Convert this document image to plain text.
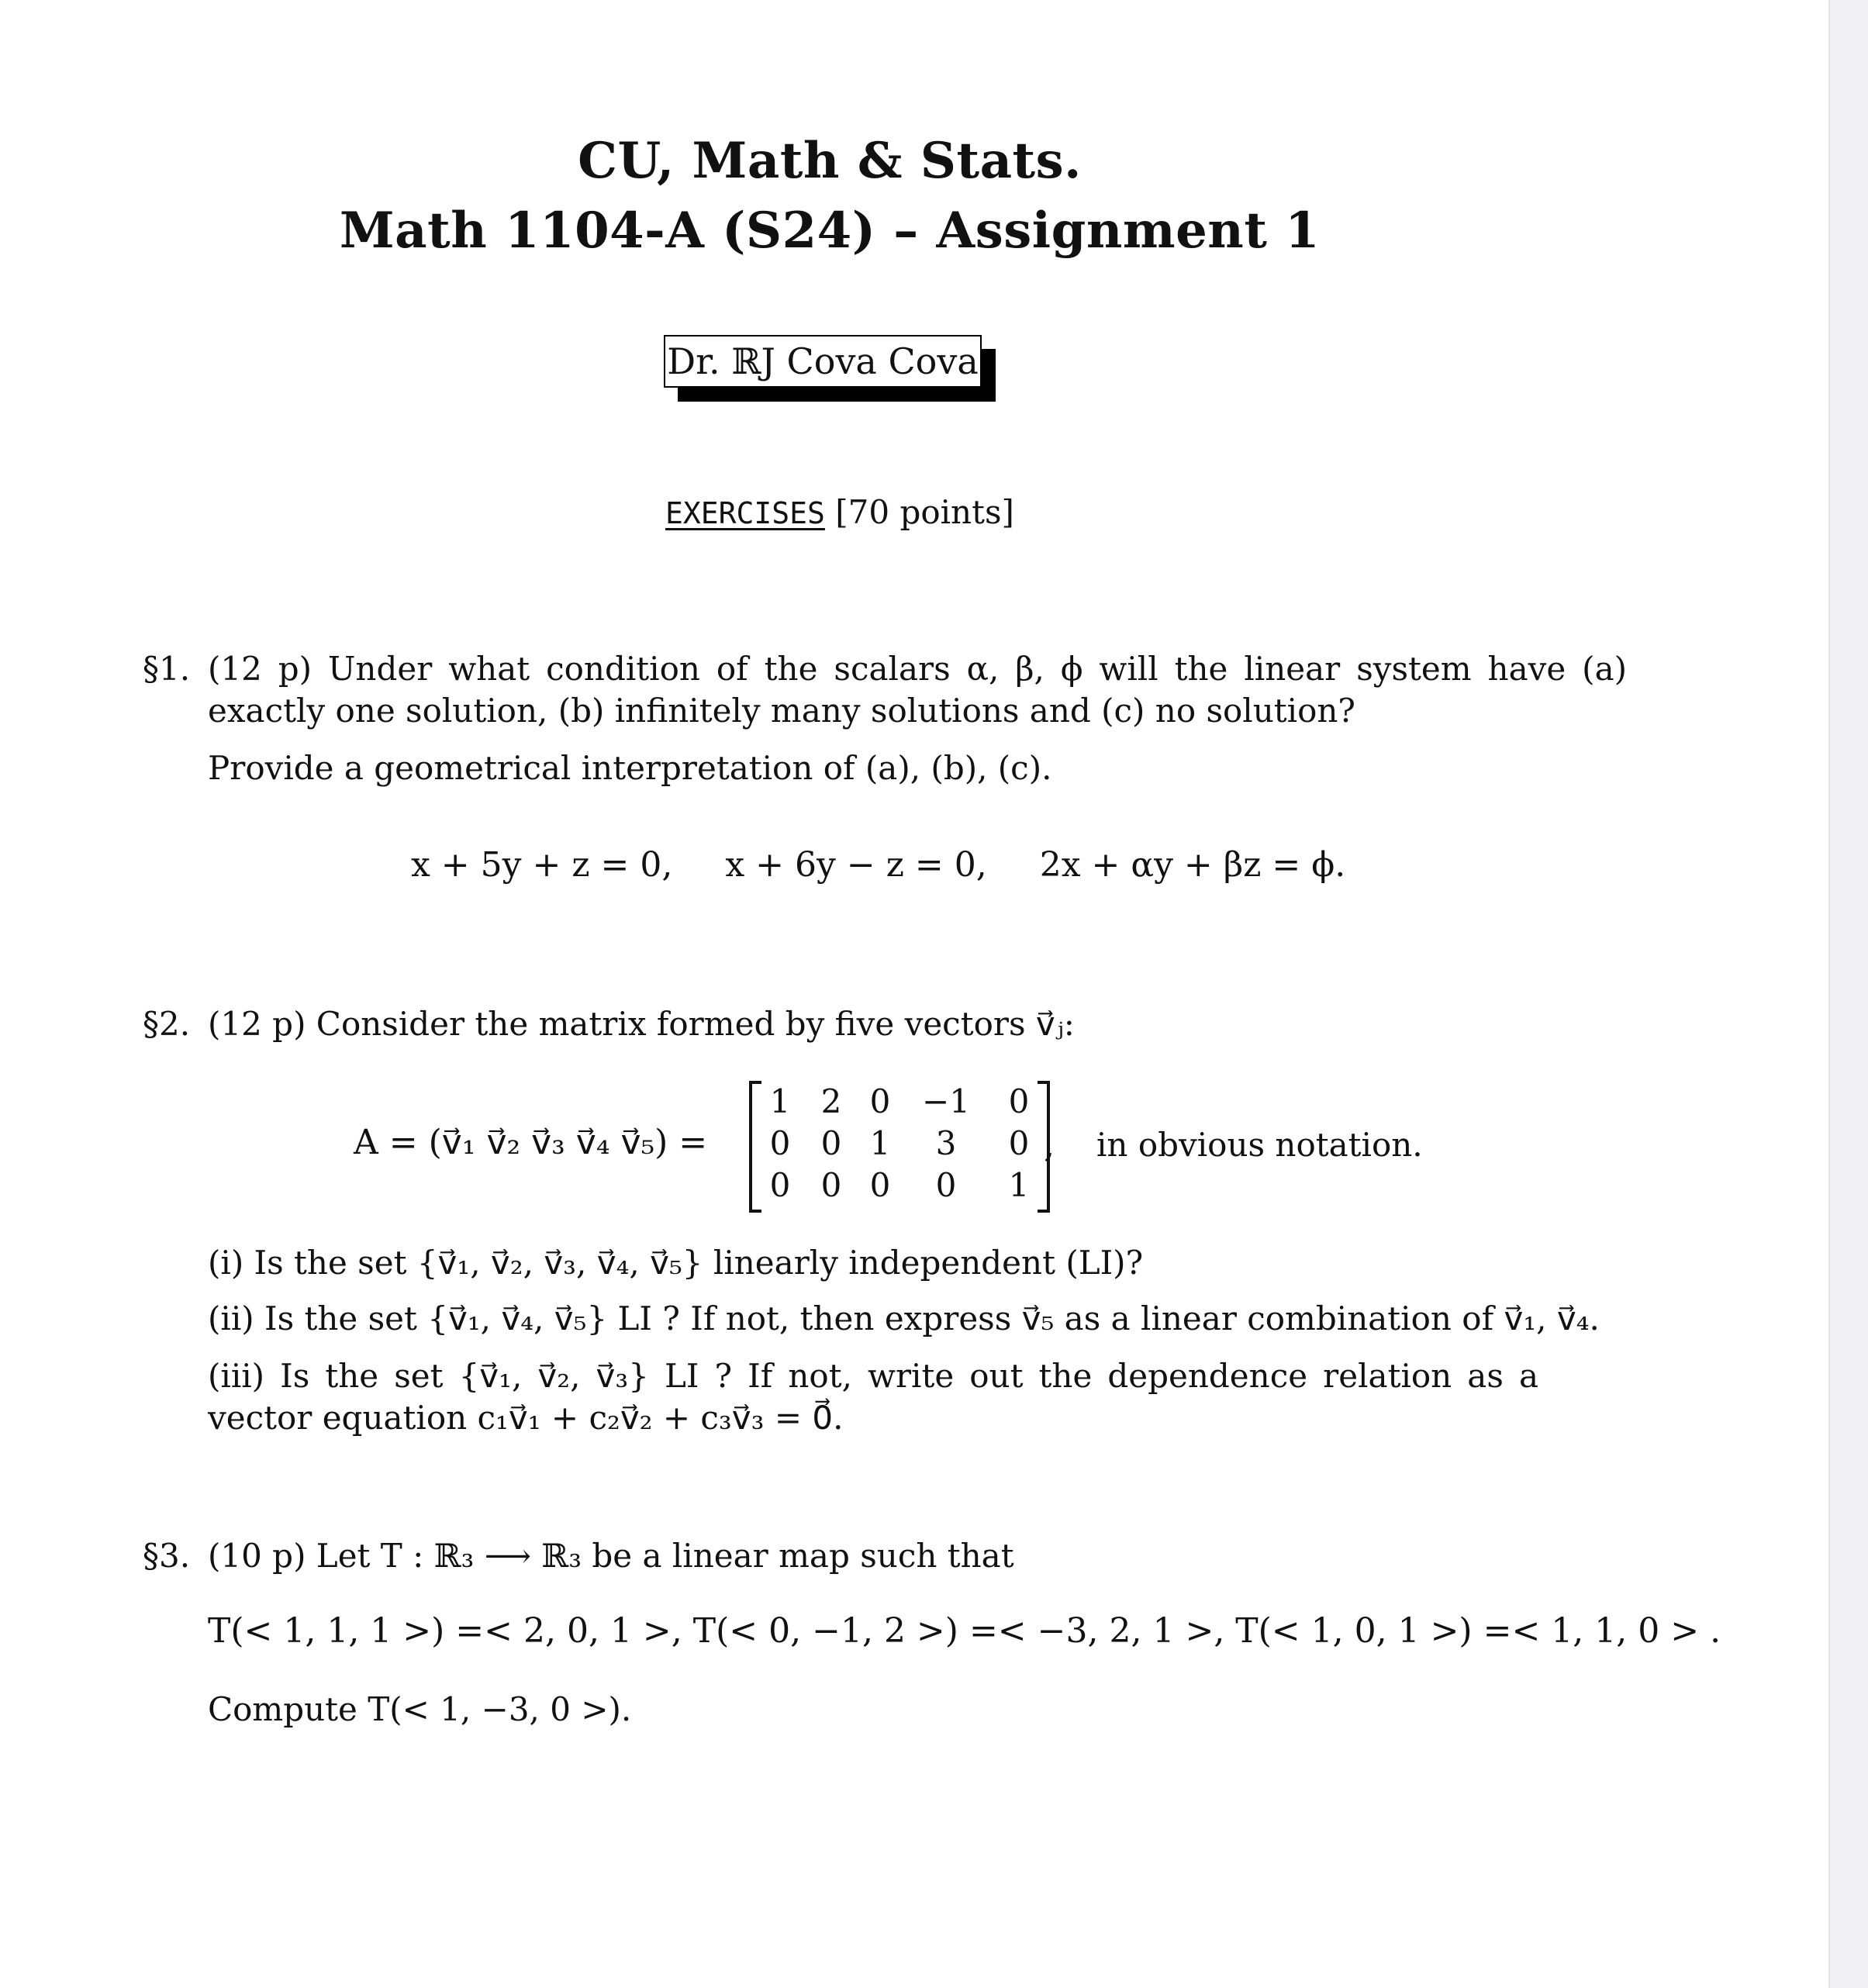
CU, Math & Stats.
Math 1104-A (S24) – Assignment 1
Dr. ℝJ Cova Cova
EXERCISES [70 points]
§1. (12 p) Under what condition of the scalars α, β, ϕ will the linear system have (a) exactly one solution, (b) infinitely many solutions and (c) no solution?
Provide a geometrical interpretation of (a), (b), (c).
x + 5y + z = 0, x + 6y − z = 0, 2x + αy + βz = ϕ.
§2. (12 p) Consider the matrix formed by five vectors v⃗ⱼ:
A = (v⃗₁ v⃗₂ v⃗₃ v⃗₄ v⃗₅) =
1 2 0 −1	0
0 0 1	3	0
0 0 0	0	1
, in obvious notation.
(i) Is the set {v⃗₁, v⃗₂, v⃗₃, v⃗₄, v⃗₅} linearly independent (LI)?
(ii) Is the set {v⃗₁, v⃗₄, v⃗₅} LI ? If not, then express v⃗₅ as a linear combination of v⃗₁, v⃗₄.
(iii) Is the set {v⃗₁, v⃗₂, v⃗₃} LI ? If not, write out the dependence relation as a vector equation c₁v⃗₁ + c₂v⃗₂ + c₃v⃗₃ = 0⃗.
§3. (10 p) Let T : ℝ₃ ⟶ ℝ₃ be a linear map such that
T(< 1, 1, 1 >) =< 2, 0, 1 >, T(< 0, −1, 2 >) =< −3, 2, 1 >, T(< 1, 0, 1 >) =< 1, 1, 0 > .
Compute T(< 1, −3, 0 >).
